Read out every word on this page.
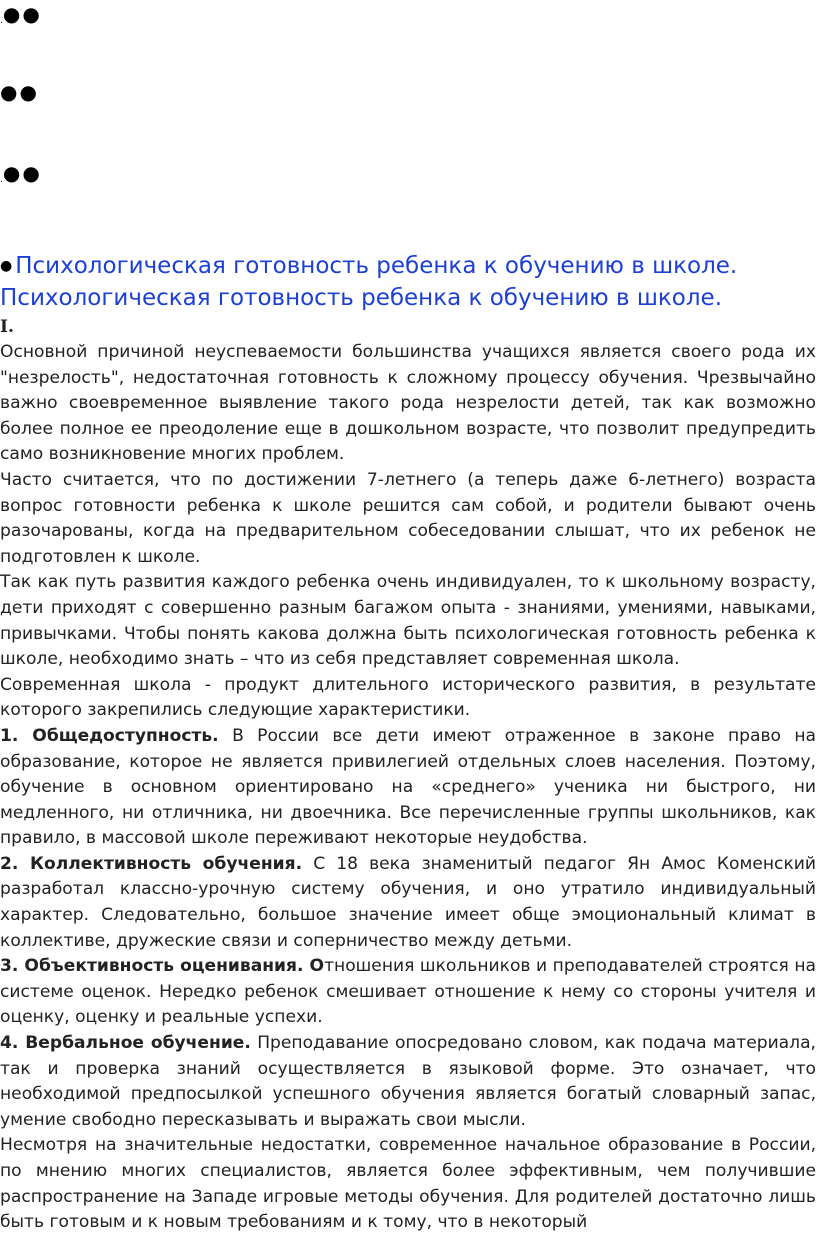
.●●
●●
.●●
● Психологическая готовность ребенка к обучению в школе.
Психологическая готовность ребенка к обучению в школе.

I.

Основной причиной неуспеваемости большинства учащихся является своего рода их "незрелость", недостаточная готовность к сложному процессу обучения. Чрезвычайно важно своевременное выявление такого рода незрелости детей, так как возможно более полное ее преодоление еще в дошкольном возрасте, что позволит предупредить само возникновение многих проблем.

Часто считается, что по достижении 7-летнего (а теперь даже 6-летнего) возраста вопрос готовности ребенка к школе решится сам собой, и родители бывают очень разочарованы, когда на предварительном собеседовании слышат, что их ребенок не подготовлен к школе.

Так как путь развития каждого ребенка очень индивидуален, то к школьному возрасту, дети приходят с совершенно разным багажом опыта - знаниями, умениями, навыками, привычками. Чтобы понять какова должна быть психологическая готовность ребенка к школе, необходимо знать – что из себя представляет современная школа.

Современная школа - продукт длительного исторического развития, в результате которого закрепились следующие характеристики.

1. Общедоступность. В России все дети имеют отраженное в законе право на образование, которое не является привилегией отдельных слоев населения. Поэтому, обучение в основном ориентировано на «среднего» ученика ни быстрого, ни медленного, ни отличника, ни двоечника. Все перечисленные группы школьников, как правило, в массовой школе переживают некоторые неудобства.

2. Коллективность обучения. С 18 века знаменитый педагог Ян Амос Коменский разработал классно-урочную систему обучения, и оно утратило индивидуальный характер. Следовательно, большое значение имеет обще эмоциональный климат в коллективе, дружеские связи и соперничество между детьми.

3. Объективность оценивания. Отношения школьников и преподавателей строятся на системе оценок. Нередко ребенок смешивает отношение к нему со стороны учителя и оценку, оценку и реальные успехи.

4. Вербальное обучение. Преподавание опосредовано словом, как подача материала, так и проверка знаний осуществляется в языковой форме. Это означает, что необходимой предпосылкой успешного обучения является богатый словарный запас, умение свободно пересказывать и выражать свои мысли.

Несмотря на значительные недостатки, современное начальное образование в России, по мнению многих специалистов, является более эффективным, чем получившие распространение на Западе игровые методы обучения. Для родителей достаточно лишь быть готовым и к новым требованиям и к тому, что в некоторый
